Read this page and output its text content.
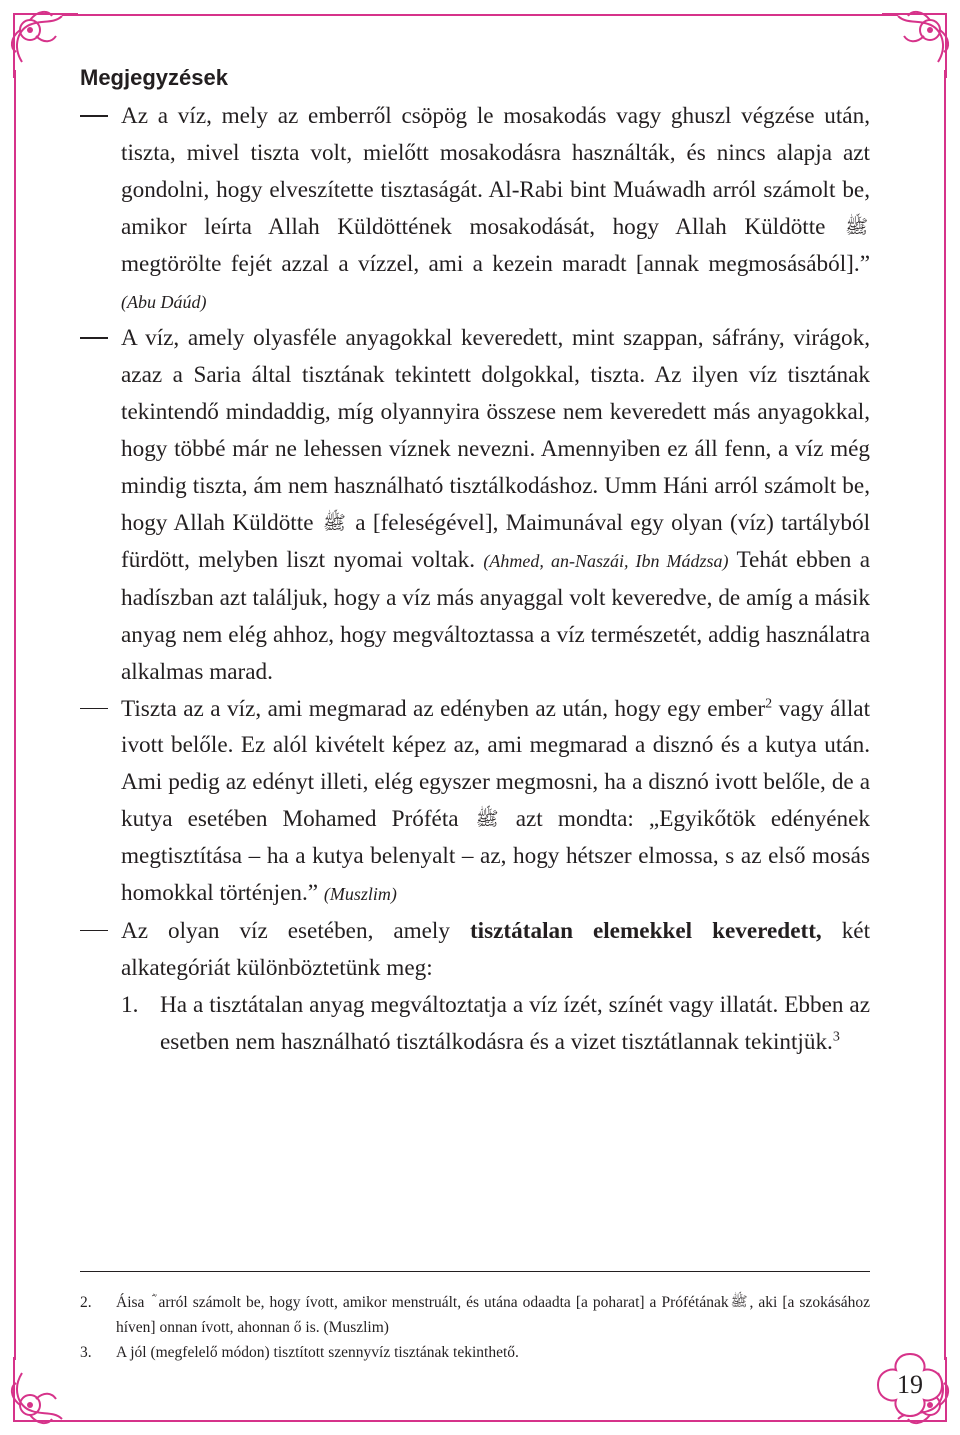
Megjegyzések
Az a víz, mely az emberről csöpög le mosakodás vagy ghuszl végzése után, tiszta, mivel tiszta volt, mielőtt mosakodásra használták, és nincs alapja azt gondolni, hogy elveszítette tisztaságát. Al-Rabi bint Muáwadh arról számolt be, amikor leírta Allah Küldöttének mosakodását, hogy Allah Küldötte ﷺ megtörölte fejét azzal a vízzel, ami a kezein maradt [annak megmosásából].” (Abu Dáúd)
A víz, amely olyasféle anyagokkal keveredett, mint szappan, sáfrány, virágok, azaz a Saria által tisztának tekintett dolgokkal, tiszta. Az ilyen víz tisztának tekintendő mindaddig, míg olyannyira összese nem keveredett más anyagokkal, hogy többé már ne lehessen víznek nevezni. Amennyiben ez áll fenn, a víz még mindig tiszta, ám nem használható tisztálkodáshoz. Umm Háni arról számolt be, hogy Allah Küldötte ﷺ a [feleségével], Maimunával egy olyan (víz) tartályból fürdött, melyben liszt nyomai voltak. (Ahmed, an-Naszái, Ibn Mádzsa) Tehát ebben a hadíszban azt találjuk, hogy a víz más anyaggal volt keveredve, de amíg a másik anyag nem elég ahhoz, hogy megváltoztassa a víz természetét, addig használatra alkalmas marad.
Tiszta az a víz, ami megmarad az edényben az után, hogy egy ember$^2$ vagy állat ivott belőle. Ez alól kivételt képez az, ami megmarad a disznó és a kutya után. Ami pedig az edényt illeti, elég egyszer megmosni, ha a disznó ivott belőle, de a kutya esetében Mohamed Próféta ﷺ azt mondta: „Egyikőtök edényének megtisztítása – ha a kutya belenyalt – az, hogy hétszer elmossa, s az első mosás homokkal történjen.” (Muszlim)
Az olyan víz esetében, amely tisztátalan elemekkel keveredett, két alkategóriát különböztetünk meg:
1. Ha a tisztátalan anyag megváltoztatja a víz ízét, színét vagy illatát. Ebben az esetben nem használható tisztálkodásra és a vizet tisztátlannak tekintjük.$^3$
2. Áisa arról számolt be, hogy ívott, amikor menstruált, és utána odaadta [a poharat] a Prófétának ﷺ , aki [a szokásához híven] onnan ívott, ahonnan ő is. (Muszlim)
3. A jól (megfelelő módon) tisztított szennyvíz tisztának tekinthető.
19
